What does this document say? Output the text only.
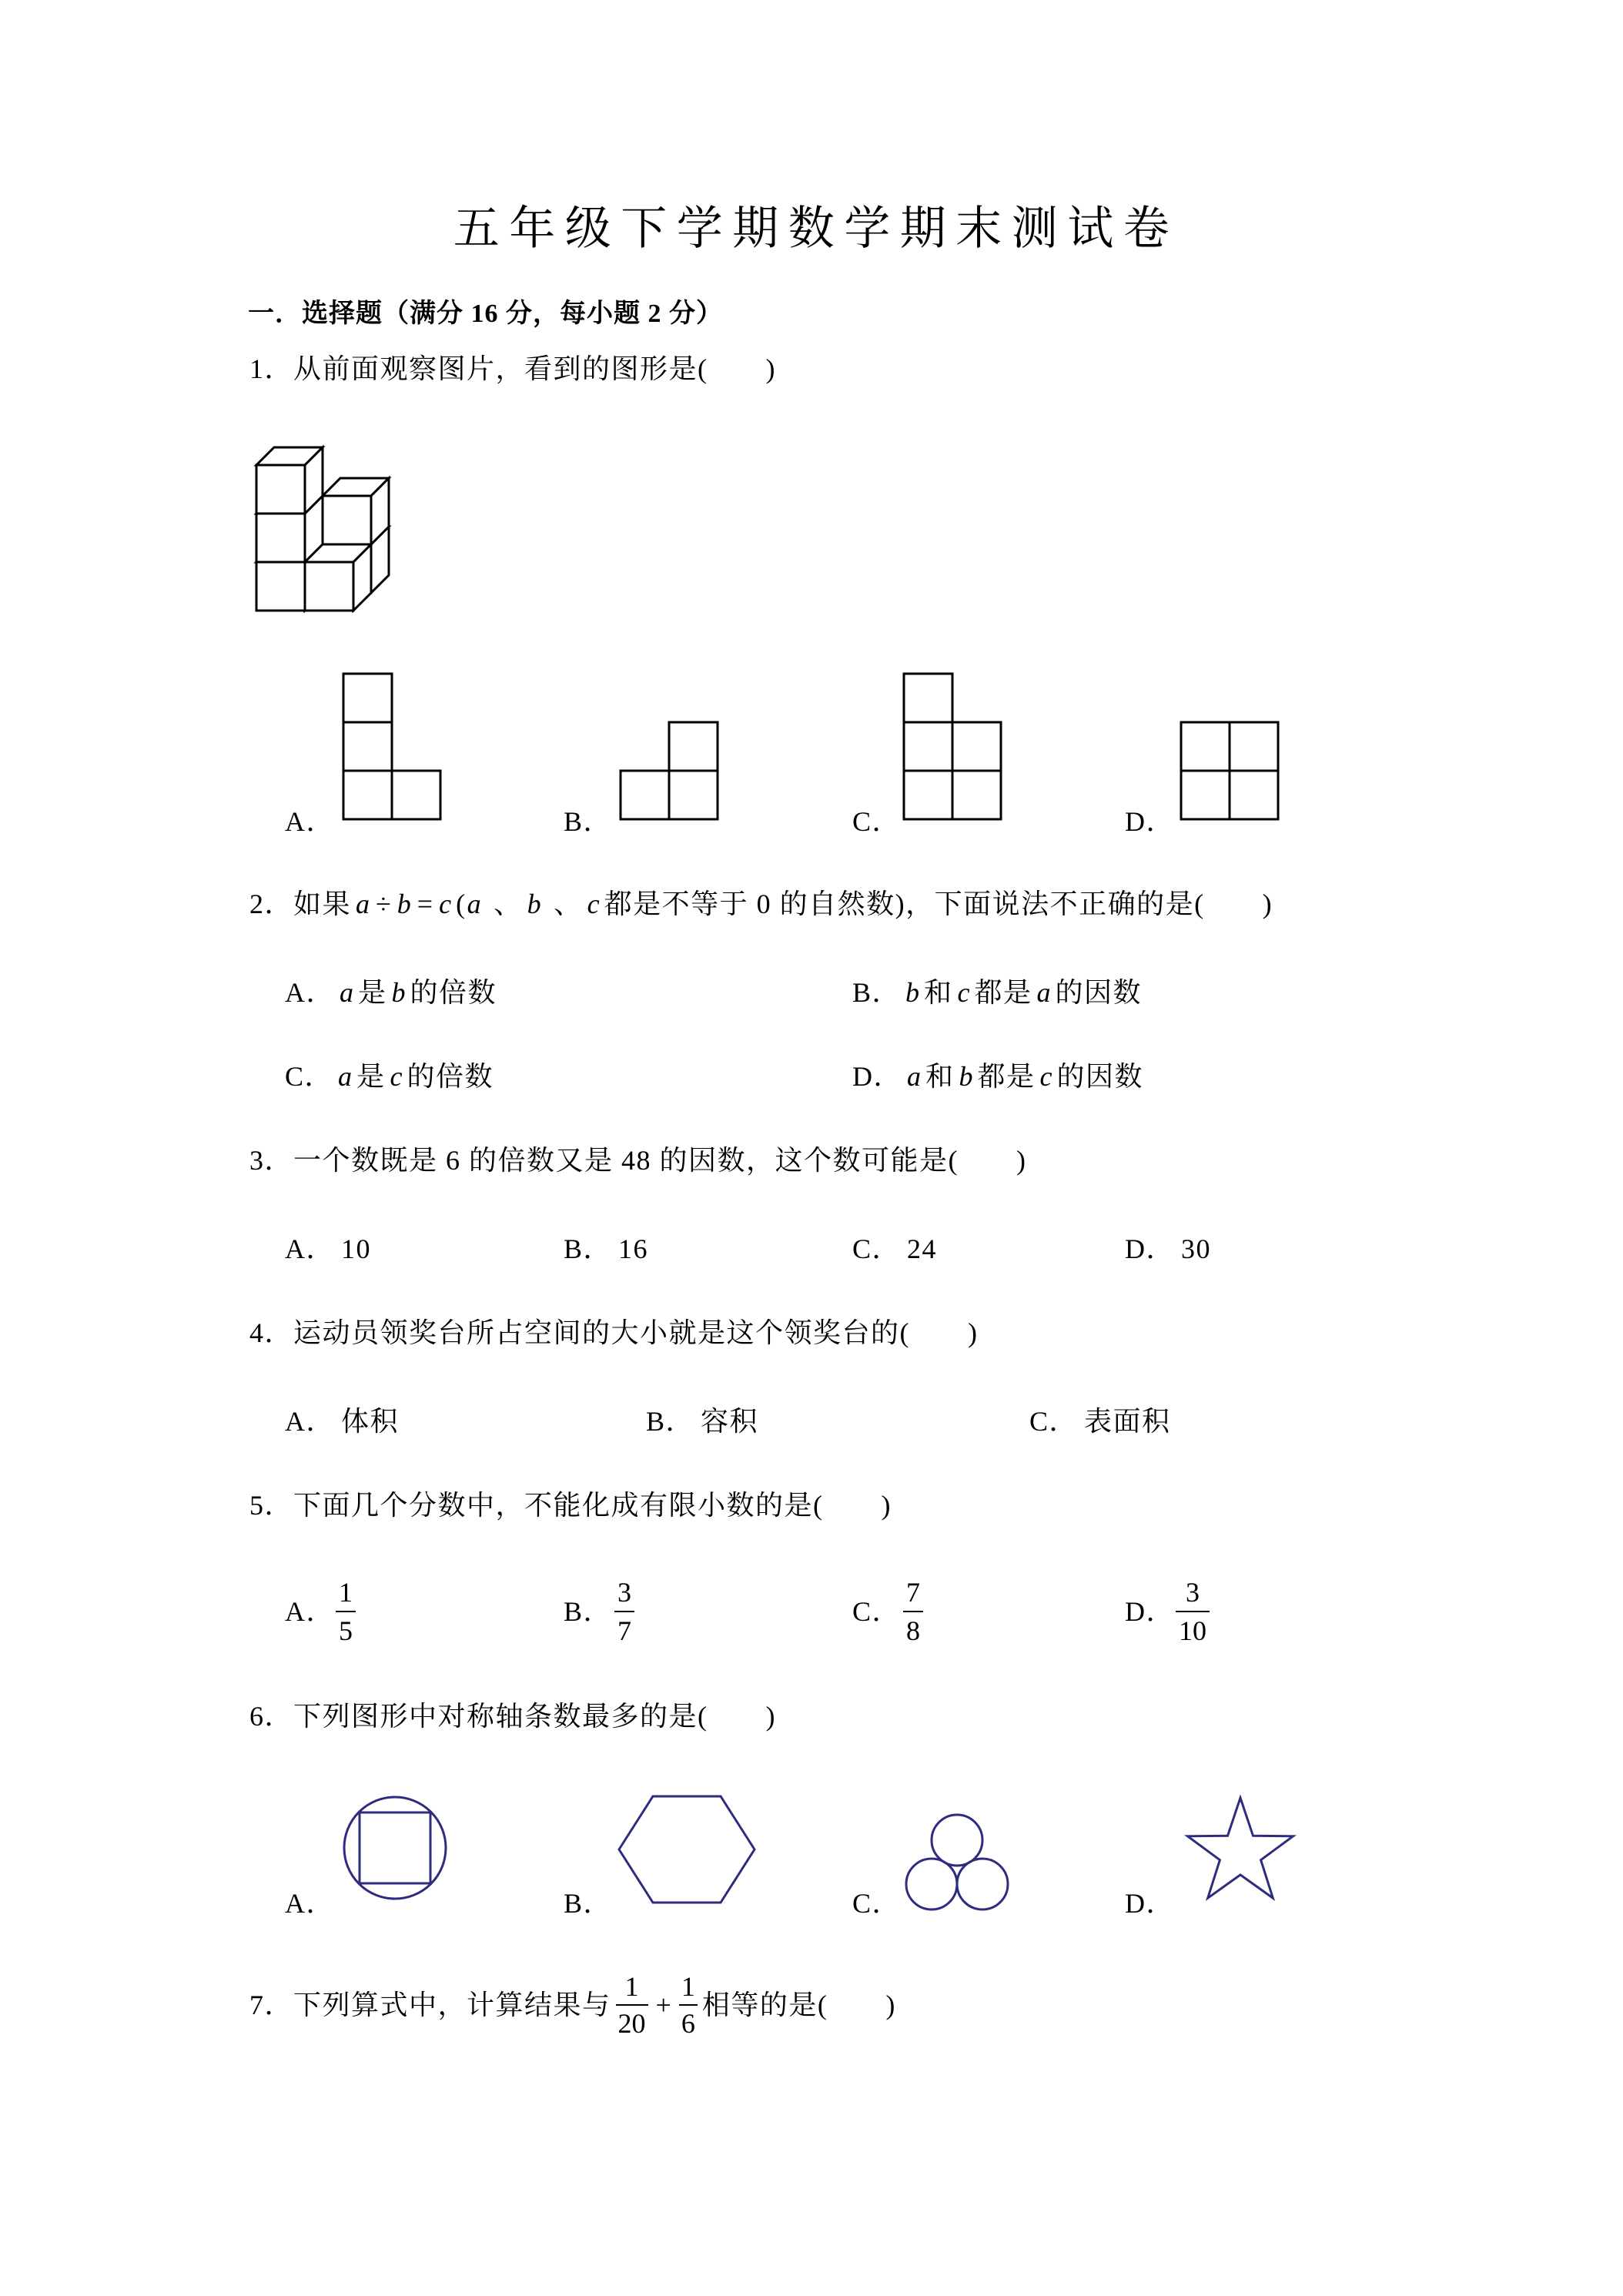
五年级下学期数学期末测试卷
一．选择题（满分 16 分，每小题 2 分）
1．从前面观察图片，看到的图形是(　　)
A．	B．	C．	D．
2．如果 a ÷ b = c (a 、 b 、 c 都是不等于 0 的自然数)，下面说法不正确的是(　　)
A． a 是 b 的倍数	B． b 和 c 都是 a 的因数
C． a 是 c 的倍数	D． a 和 b 都是 c 的因数
3．一个数既是 6 的倍数又是 48 的因数，这个数可能是(　　)
A． 10	B． 16	C． 24	D． 30
4．运动员领奖台所占空间的大小就是这个领奖台的(　　)
A． 体积	B． 容积	C． 表面积
5．下面几个分数中，不能化成有限小数的是(　　)
A． $\frac{1}{5}$	B． $\frac{3}{7}$	C． $\frac{7}{8}$	D． $\frac{3}{10}$
6．下列图形中对称轴条数最多的是(　　)
A．	B．	C．	D．
7．下列算式中，计算结果与 $\frac{1}{20} + \frac{1}{6}$ 相等的是(　　)
